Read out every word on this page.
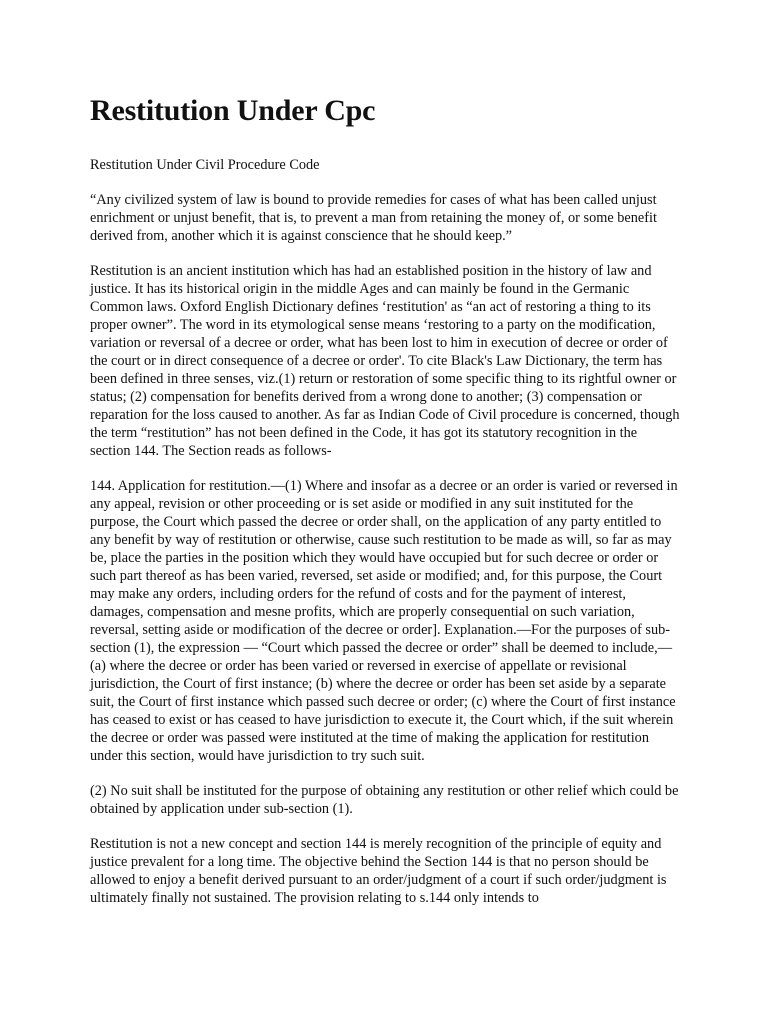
Restitution Under Cpc

Restitution Under Civil Procedure Code

“Any civilized system of law is bound to provide remedies for cases of what has been called unjust enrichment or unjust benefit, that is, to prevent a man from retaining the money of, or some benefit derived from, another which it is against conscience that he should keep.”

Restitution is an ancient institution which has had an established position in the history of law and justice. It has its historical origin in the middle Ages and can mainly be found in the Germanic Common laws. Oxford English Dictionary defines ‘restitution' as “an act of restoring a thing to its proper owner”. The word in its etymological sense means ‘restoring to a party on the modification, variation or reversal of a decree or order, what has been lost to him in execution of decree or order of the court or in direct consequence of a decree or order'. To cite Black's Law Dictionary, the term has been defined in three senses, viz.(1) return or restoration of some specific thing to its rightful owner or status; (2) compensation for benefits derived from a wrong done to another; (3) compensation or reparation for the loss caused to another. As far as Indian Code of Civil procedure is concerned, though the term “restitution” has not been defined in the Code, it has got its statutory recognition in the section 144. The Section reads as follows-

144. Application for restitution.—(1) Where and insofar as a decree or an order is varied or reversed in any appeal, revision or other proceeding or is set aside or modified in any suit instituted for the purpose, the Court which passed the decree or order shall, on the application of any party entitled to any benefit by way of restitution or otherwise, cause such restitution to be made as will, so far as may be, place the parties in the position which they would have occupied but for such decree or order or such part thereof as has been varied, reversed, set aside or modified; and, for this purpose, the Court may make any orders, including orders for the refund of costs and for the payment of interest, damages, compensation and mesne profits, which are properly consequential on such variation, reversal, setting aside or modification of the decree or order]. Explanation.—For the purposes of sub-section (1), the expression — “Court which passed the decree or order” shall be deemed to include,— (a) where the decree or order has been varied or reversed in exercise of appellate or revisional jurisdiction, the Court of first instance; (b) where the decree or order has been set aside by a separate suit, the Court of first instance which passed such decree or order; (c) where the Court of first instance has ceased to exist or has ceased to have jurisdiction to execute it, the Court which, if the suit wherein the decree or order was passed were instituted at the time of making the application for restitution under this section, would have jurisdiction to try such suit.

(2) No suit shall be instituted for the purpose of obtaining any restitution or other relief which could be obtained by application under sub-section (1).

Restitution is not a new concept and section 144 is merely recognition of the principle of equity and justice prevalent for a long time. The objective behind the Section 144 is that no person should be allowed to enjoy a benefit derived pursuant to an order/judgment of a court if such order/judgment is ultimately finally not sustained. The provision relating to s.144 only intends to
